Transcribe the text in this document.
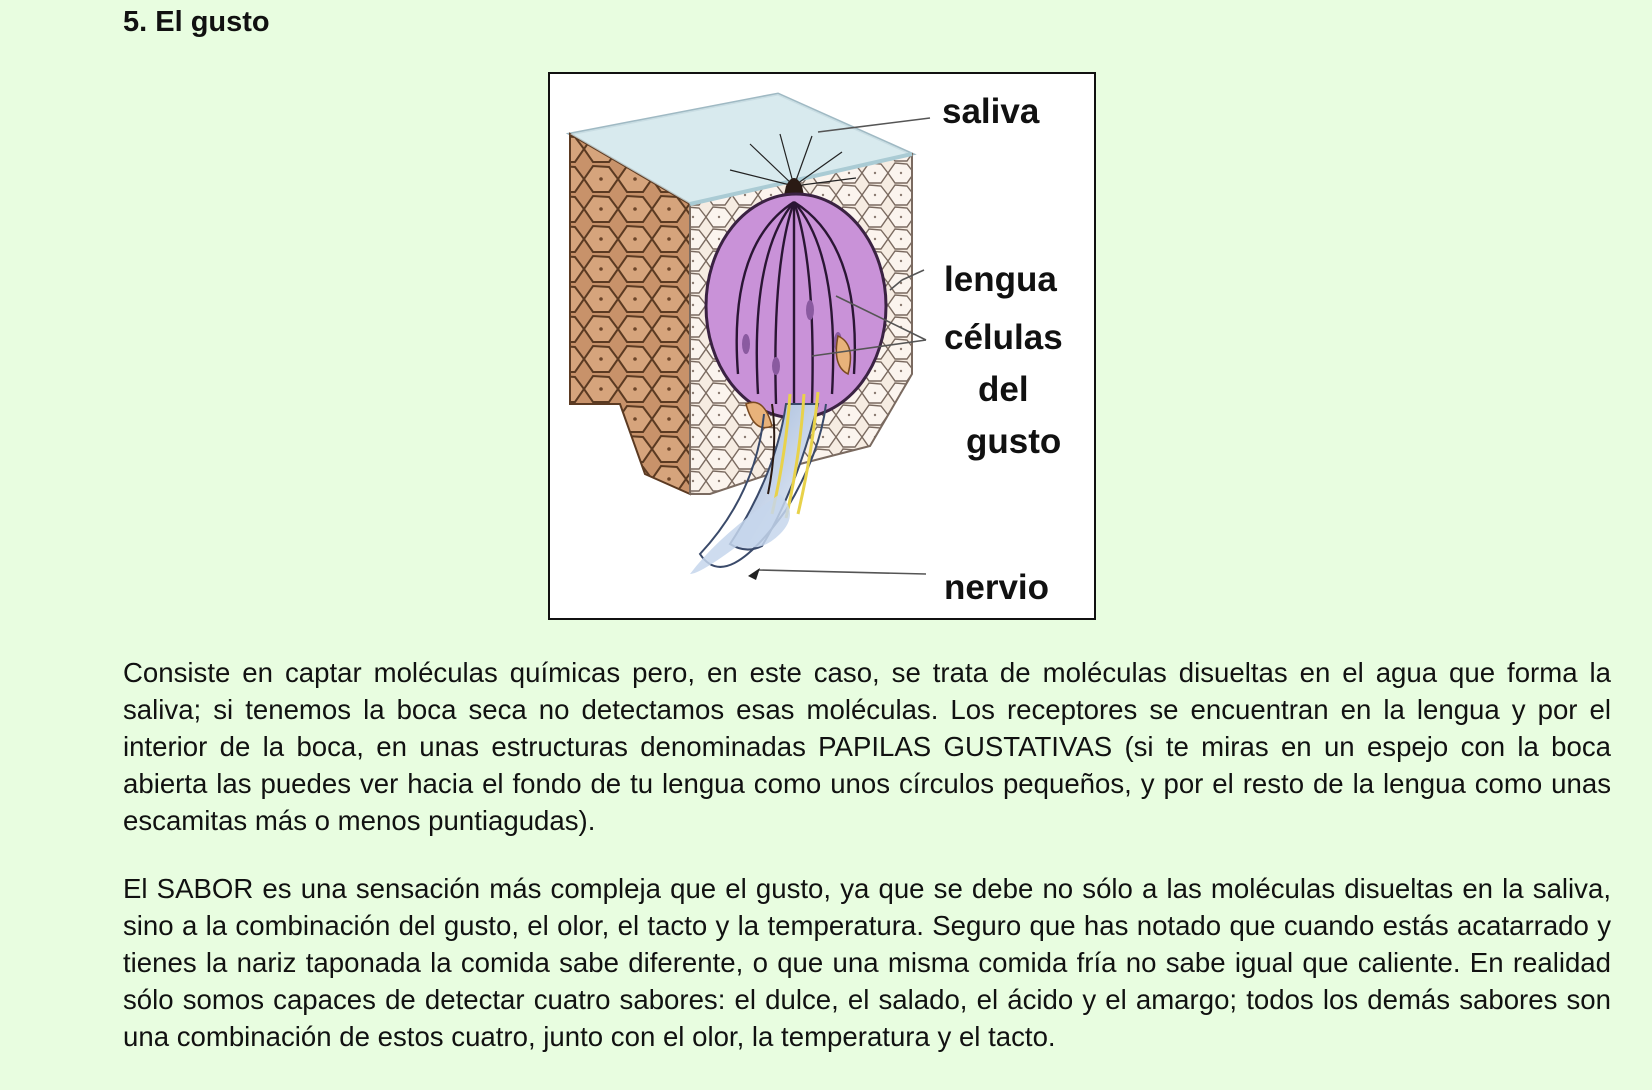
5. El gusto
saliva
lengua
células
del
gusto
nervio

Consiste en captar moléculas químicas pero, en este caso, se trata de moléculas disueltas en el agua que forma la saliva; si tenemos la boca seca no detectamos esas moléculas. Los receptores se encuentran en la lengua y por el interior de la boca, en unas estructuras denominadas PAPILAS GUSTATIVAS (si te miras en un espejo con la boca abierta las puedes ver hacia el fondo de tu lengua como unos círculos pequeños, y por el resto de la lengua como unas escamitas más o menos puntiagudas).

El SABOR es una sensación más compleja que el gusto, ya que se debe no sólo a las moléculas disueltas en la saliva, sino a la combinación del gusto, el olor, el tacto y la temperatura. Seguro que has notado que cuando estás acatarrado y tienes la nariz taponada la comida sabe diferente, o que una misma comida fría no sabe igual que caliente. En realidad sólo somos capaces de detectar cuatro sabores: el dulce, el salado, el ácido y el amargo; todos los demás sabores son una combinación de estos cuatro, junto con el olor, la temperatura y el tacto.
